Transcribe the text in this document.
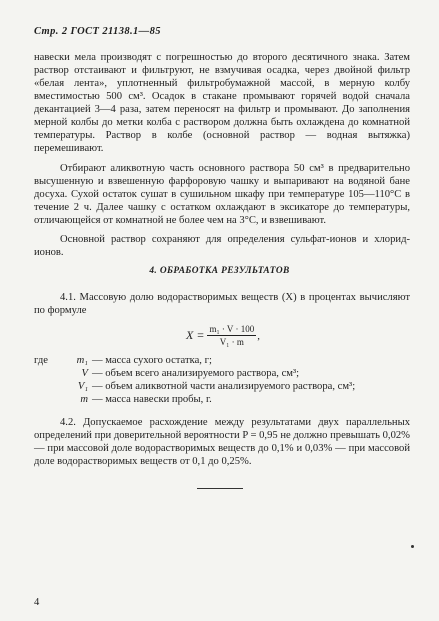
Стр. 2 ГОСТ 21138.1—85

навески мела производят с погрешностью до второго десятичного знака. Затем раствор отстаивают и фильтруют, не взмучивая осадка, через двойной фильтр «белая лента», уплотненный фильтробумажной массой, в мерную колбу вместимостью 500 см³. Осадок в стакане промывают горячей водой сначала декантацией 3—4 раза, затем переносят на фильтр и промывают. До заполнения мерной колбы до метки колба с раствором должна быть охлаждена до комнатной температуры. Раствор в колбе (основной раствор — водная вытяжка) перемешивают.

Отбирают аликвотную часть основного раствора 50 см³ в предварительно высушенную и взвешенную фарфоровую чашку и выпаривают на водяной бане досуха. Сухой остаток сушат в сушильном шкафу при температуре 105—110°С в течение 2 ч. Далее чашку с остатком охлаждают в эксикаторе до температуры, отличающейся от комнатной не более чем на 3°С, и взвешивают.

Основной раствор сохраняют для определения сульфат-ионов и хлорид-ионов.

4. ОБРАБОТКА РЕЗУЛЬТАТОВ

4.1. Массовую долю водорастворимых веществ (X) в процентах вычисляют по формуле

$X = \frac{\text{m₁ · V · 100}}{\text{V₁ · m}}$ ,
где	m₁ — масса сухого остатка, г;
V — объем всего анализируемого раствора, см³;
V₁ — объем аликвотной части анализируемого раствора, см³;
m — масса навески пробы, г.

4.2. Допускаемое расхождение между результатами двух параллельных определений при доверительной вероятности P = 0,95 не должно превышать 0,02% — при массовой доле водорастворимых веществ до 0,1% и 0,03% — при массовой доле водорастворимых веществ от 0,1 до 0,25%.

4
